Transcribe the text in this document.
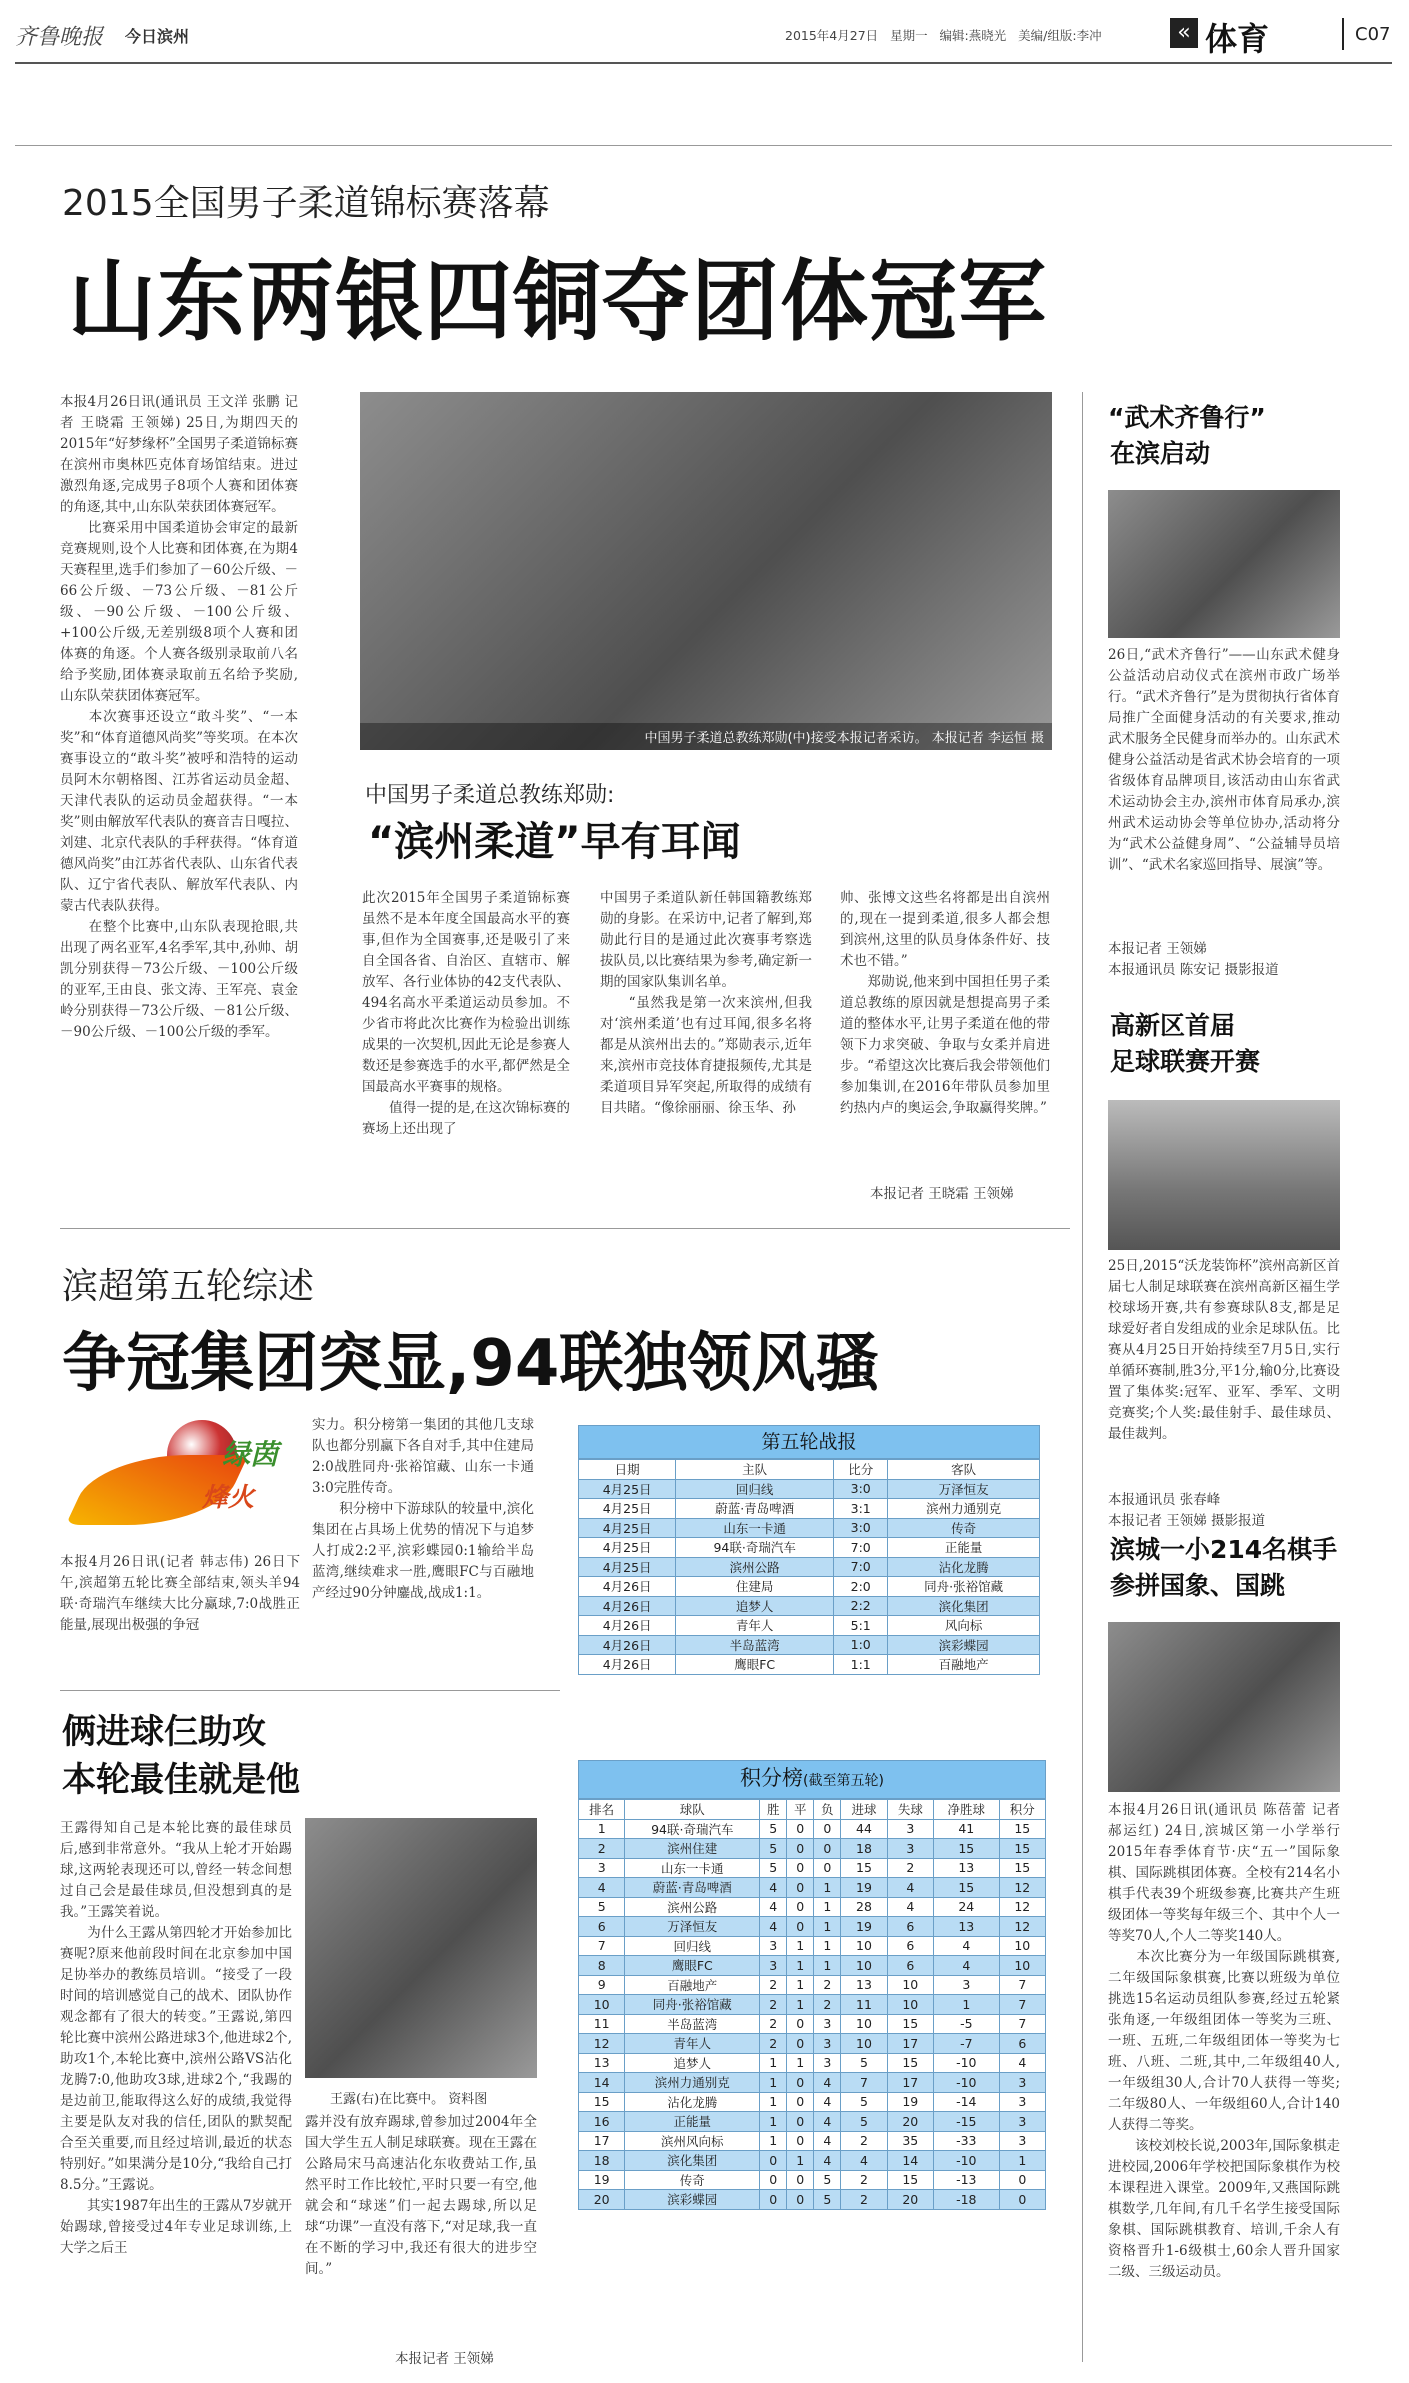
齐鲁晚报 今日滨州	2015年4月27日   星期一   编辑:燕晓光   美编/组版:李冲	« 体育	C07
2015全国男子柔道锦标赛落幕
山东两银四铜夺团体冠军
本报4月26日讯(通讯员 王文洋 张鹏 记者 王晓霜 王领娣) 25日,为期四天的2015年“好梦缘杯”全国男子柔道锦标赛在滨州市奥林匹克体育场馆结束。进过激烈角逐,完成男子8项个人赛和团体赛的角逐,其中,山东队荣获团体赛冠军。
　　比赛采用中国柔道协会审定的最新竞赛规则,设个人比赛和团体赛,在为期4天赛程里,选手们参加了－60公斤级、－66公斤级、－73公斤级、－81公斤级、－90公斤级、－100公斤级、+100公斤级,无差别级8项个人赛和团体赛的角逐。个人赛各级别录取前八名给予奖励,团体赛录取前五名给予奖励,山东队荣获团体赛冠军。
　　本次赛事还设立“敢斗奖”、“一本奖”和“体育道德风尚奖”等奖项。在本次赛事设立的“敢斗奖”被呼和浩特的运动员阿木尔朝格图、江苏省运动员金超、天津代表队的运动员金超获得。“一本奖”则由解放军代表队的赛音吉日嘎拉、刘建、北京代表队的手秤获得。“体育道德风尚奖”由江苏省代表队、山东省代表队、辽宁省代表队、解放军代表队、内蒙古代表队获得。
　　在整个比赛中,山东队表现抢眼,共出现了两名亚军,4名季军,其中,孙帅、胡凯分别获得－73公斤级、－100公斤级的亚军,王由良、张文涛、王军亮、袁金岭分别获得－73公斤级、－81公斤级、－90公斤级、－100公斤级的季军。
中国男子柔道总教练郑勋(中)接受本报记者采访。 本报记者 李运恒 摄
中国男子柔道总教练郑勋:
“滨州柔道”早有耳闻
此次2015年全国男子柔道锦标赛虽然不是本年度全国最高水平的赛事,但作为全国赛事,还是吸引了来自全国各省、自治区、直辖市、解放军、各行业体协的42支代表队、494名高水平柔道运动员参加。不少省市将此次比赛作为检验出训练成果的一次契机,因此无论是参赛人数还是参赛选手的水平,都俨然是全国最高水平赛事的规格。
　　值得一提的是,在这次锦标赛的赛场上还出现了
中国男子柔道队新任韩国籍教练郑勋的身影。在采访中,记者了解到,郑勋此行目的是通过此次赛事考察选拔队员,以比赛结果为参考,确定新一期的国家队集训名单。
　　“虽然我是第一次来滨州,但我对‘滨州柔道’也有过耳闻,很多名将都是从滨州出去的。”郑勋表示,近年来,滨州市竞技体育捷报频传,尤其是柔道项目异军突起,所取得的成绩有目共睹。“像徐丽丽、徐玉华、孙
帅、张博文这些名将都是出自滨州的,现在一提到柔道,很多人都会想到滨州,这里的队员身体条件好、技术也不错。”
　　郑勋说,他来到中国担任男子柔道总教练的原因就是想提高男子柔道的整体水平,让男子柔道在他的带领下力求突破、争取与女柔并肩进步。“希望这次比赛后我会带领他们参加集训,在2016年带队员参加里约热内卢的奥运会,争取赢得奖牌。”
本报记者 王晓霜 王领娣
滨超第五轮综述
争冠集团突显,94联独领风骚
绿茵
烽火
本报4月26日讯(记者 韩志伟) 26日下午,滨超第五轮比赛全部结束,领头羊94联·奇瑞汽车继续大比分赢球,7:0战胜正能量,展现出极强的争冠
实力。积分榜第一集团的其他几支球队也都分别赢下各自对手,其中住建局2:0战胜同舟·张裕馆藏、山东一卡通3:0完胜传奇。
　　积分榜中下游球队的较量中,滨化集团在占具场上优势的情况下与追梦人打成2:2平,滨彩蝶园0:1输给半岛蓝湾,继续难求一胜,鹰眼FC与百融地产经过90分钟鏖战,战成1:1。
第五轮战报
日期	主队	比分	客队
4月25日	回归线	3:0	万泽恒友
4月25日	蔚蓝·青岛啤酒	3:1	滨州力通别克
4月25日	山东一卡通	3:0	传奇
4月25日	94联·奇瑞汽车	7:0	正能量
4月25日	滨州公路	7:0	沾化龙腾
4月26日	住建局	2:0	同舟·张裕馆藏
4月26日	追梦人	2:2	滨化集团
4月26日	青年人	5:1	风向标
4月26日	半岛蓝湾	1:0	滨彩蝶园
4月26日	鹰眼FC	1:1	百融地产
积分榜(截至第五轮)
排名	球队	胜	平	负	进球	失球	净胜球	积分
1	94联·奇瑞汽车	5	0	0	44	3	41	15
2	滨州住建	5	0	0	18	3	15	15
3	山东一卡通	5	0	0	15	2	13	15
4	蔚蓝·青岛啤酒	4	0	1	19	4	15	12
5	滨州公路	4	0	1	28	4	24	12
6	万泽恒友	4	0	1	19	6	13	12
7	回归线	3	1	1	10	6	4	10
8	鹰眼FC	3	1	1	10	6	4	10
9	百融地产	2	1	2	13	10	3	7
10	同舟·张裕馆藏	2	1	2	11	10	1	7
11	半岛蓝湾	2	0	3	10	15	-5	7
12	青年人	2	0	3	10	17	-7	6
13	追梦人	1	1	3	5	15	-10	4
14	滨州力通别克	1	0	4	7	17	-10	3
15	沾化龙腾	1	0	4	5	19	-14	3
16	正能量	1	0	4	5	20	-15	3
17	滨州风向标	1	0	4	2	35	-33	3
18	滨化集团	0	1	4	4	14	-10	1
19	传奇	0	0	5	2	15	-13	0
20	滨彩蝶园	0	0	5	2	20	-18	0
俩进球仨助攻
本轮最佳就是他
王露得知自己是本轮比赛的最佳球员后,感到非常意外。“我从上轮才开始踢球,这两轮表现还可以,曾经一转念间想过自己会是最佳球员,但没想到真的是我。”王露笑着说。
　　为什么王露从第四轮才开始参加比赛呢?原来他前段时间在北京参加中国足协举办的教练员培训。“接受了一段时间的培训感觉自己的战术、团队协作观念都有了很大的转变。”王露说,第四轮比赛中滨州公路进球3个,他进球2个,助攻1个,本轮比赛中,滨州公路VS沾化龙腾7:0,他助攻3球,进球2个,“我踢的是边前卫,能取得这么好的成绩,我觉得主要是队友对我的信任,团队的默契配合至关重要,而且经过培训,最近的状态特别好。”如果满分是10分,“我给自己打8.5分。”王露说。
　　其实1987年出生的王露从7岁就开始踢球,曾接受过4年专业足球训练,上大学之后王
王露(右)在比赛中。 资料图
露并没有放弃踢球,曾参加过2004年全国大学生五人制足球联赛。现在王露在公路局宋马高速沾化东收费站工作,虽然平时工作比较忙,平时只要一有空,他就会和“球迷”们一起去踢球,所以足球“功课”一直没有落下,“对足球,我一直在不断的学习中,我还有很大的进步空间。”
本报记者 王领娣
“武术齐鲁行”
在滨启动
26日,“武术齐鲁行”——山东武术健身公益活动启动仪式在滨州市政广场举行。“武术齐鲁行”是为贯彻执行省体育局推广全面健身活动的有关要求,推动武术服务全民健身而举办的。山东武术健身公益活动是省武术协会培育的一项省级体育品牌项目,该活动由山东省武术运动协会主办,滨州市体育局承办,滨州武术运动协会等单位协办,活动将分为“武术公益健身周”、“公益辅导员培训”、“武术名家巡回指导、展演”等。
本报记者 王领娣
本报通讯员 陈安记 摄影报道
高新区首届
足球联赛开赛
25日,2015“沃龙装饰杯”滨州高新区首届七人制足球联赛在滨州高新区福生学校球场开赛,共有参赛球队8支,都是足球爱好者自发组成的业余足球队伍。比赛从4月25日开始持续至7月5日,实行单循环赛制,胜3分,平1分,输0分,比赛设置了集体奖:冠军、亚军、季军、文明竞赛奖;个人奖:最佳射手、最佳球员、最佳裁判。
本报通讯员 张春峰
本报记者 王领娣 摄影报道
滨城一小214名棋手
参拼国象、国跳
本报4月26日讯(通讯员 陈蓓蕾 记者 郝运红) 24日,滨城区第一小学举行2015年春季体育节·庆“五一”国际象棋、国际跳棋团体赛。全校有214名小棋手代表39个班级参赛,比赛共产生班级团体一等奖每年级三个、其中个人一等奖70人,个人二等奖140人。
　　本次比赛分为一年级国际跳棋赛,二年级国际象棋赛,比赛以班级为单位挑选15名运动员组队参赛,经过五轮紧张角逐,一年级组团体一等奖为三班、一班、五班,二年级组团体一等奖为七班、八班、二班,其中,二年级组40人,一年级组30人,合计70人获得一等奖;二年级80人、一年级组60人,合计140人获得二等奖。
　　该校刘校长说,2003年,国际象棋走进校园,2006年学校把国际象棋作为校本课程进入课堂。2009年,又燕国际跳棋数学,几年间,有几千名学生接受国际象棋、国际跳棋教育、培训,千余人有资格晋升1-6级棋士,60余人晋升国家二级、三级运动员。
